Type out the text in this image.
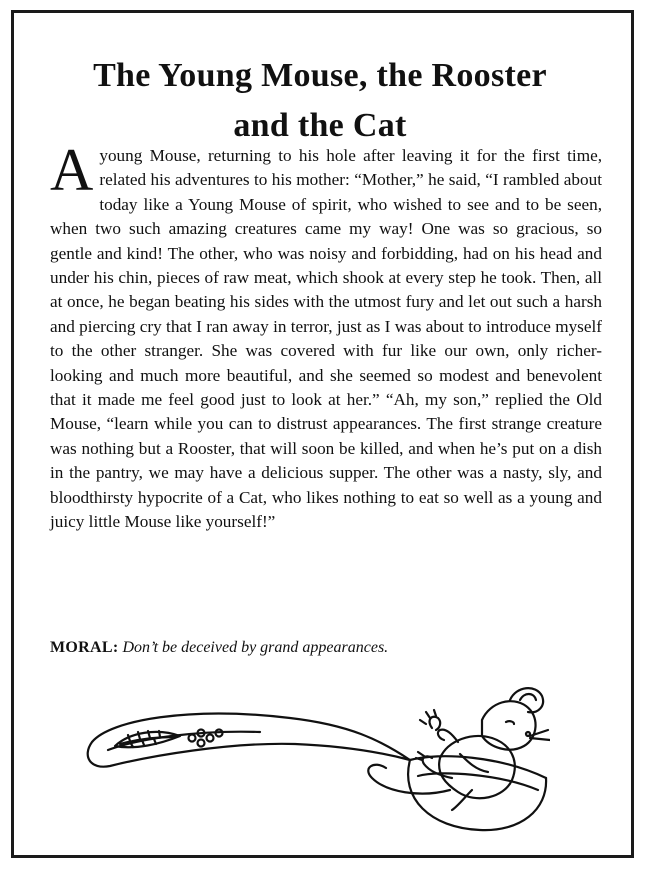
The Young Mouse, the Rooster
and the Cat

A young Mouse, returning to his hole after leaving it for the first time, related his adventures to his mother: “Mother,” he said, “I rambled about today like a Young Mouse of spirit, who wished to see and to be seen, when two such amazing creatures came my way! One was so gracious, so gentle and kind! The other, who was noisy and forbidding, had on his head and under his chin, pieces of raw meat, which shook at every step he took. Then, all at once, he began beating his sides with the utmost fury and let out such a harsh and piercing cry that I ran away in terror, just as I was about to introduce myself to the other stranger. She was covered with fur like our own, only richer-looking and much more beautiful, and she seemed so modest and benevolent that it made me feel good just to look at her.” “Ah, my son,” replied the Old Mouse, “learn while you can to distrust appearances. The first strange creature was nothing but a Rooster, that will soon be killed, and when he’s put on a dish in the pantry, we may have a delicious supper. The other was a nasty, sly, and bloodthirsty hypocrite of a Cat, who likes nothing to eat so well as a young and juicy little Mouse like yourself!”

MORAL: Don’t be deceived by grand appearances.
